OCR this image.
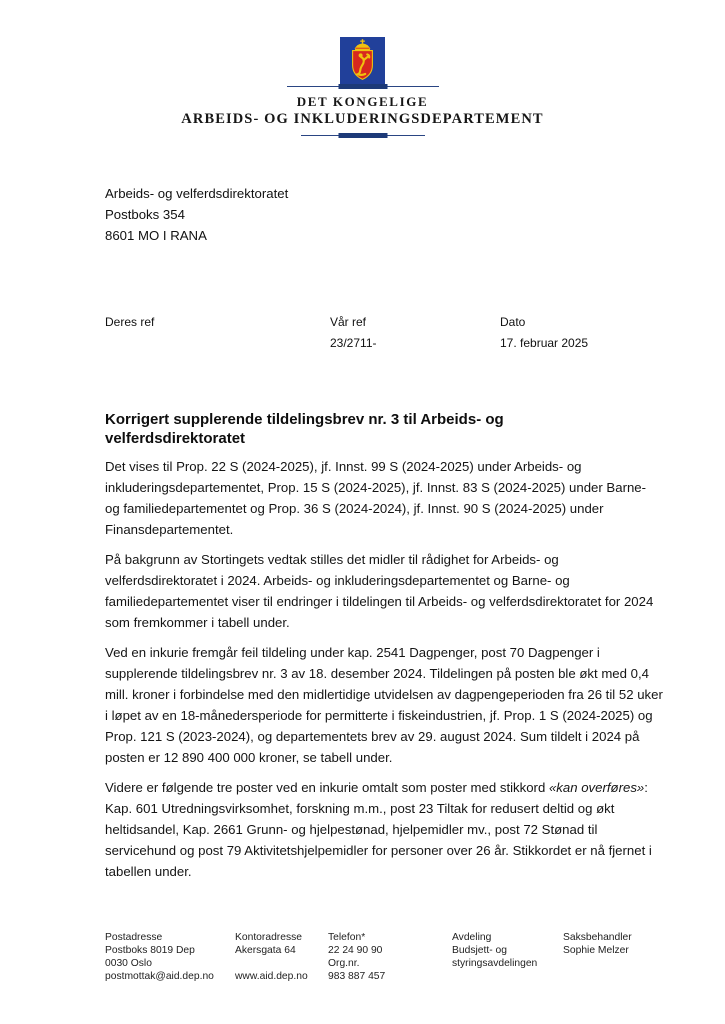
DET KONGELIGE
ARBEIDS- OG INKLUDERINGSDEPARTEMENT
Arbeids- og velferdsdirektoratet
Postboks 354
8601 MO I RANA
Deres ref	Vår ref
23/2711-
Dato
17. februar 2025
Korrigert supplerende tildelingsbrev nr. 3 til Arbeids- og velferdsdirektoratet

Det vises til Prop. 22 S (2024-2025), jf. Innst. 99 S (2024-2025) under Arbeids- og inkluderingsdepartementet, Prop. 15 S (2024-2025), jf. Innst. 83 S (2024-2025) under Barne- og familiedepartementet og Prop. 36 S (2024-2024), jf. Innst. 90 S (2024-2025) under Finansdepartementet.

På bakgrunn av Stortingets vedtak stilles det midler til rådighet for Arbeids- og velferdsdirektoratet i 2024. Arbeids- og inkluderingsdepartementet og Barne- og familiedepartementet viser til endringer i tildelingen til Arbeids- og velferdsdirektoratet for 2024 som fremkommer i tabell under.

Ved en inkurie fremgår feil tildeling under kap. 2541 Dagpenger, post 70 Dagpenger i supplerende tildelingsbrev nr. 3 av 18. desember 2024. Tildelingen på posten ble økt med 0,4 mill. kroner i forbindelse med den midlertidige utvidelsen av dagpengeperioden fra 26 til 52 uker i løpet av en 18-månedersperiode for permitterte i fiskeindustrien, jf. Prop. 1 S (2024-2025) og Prop. 121 S (2023-2024), og departementets brev av 29. august 2024. Sum tildelt i 2024 på posten er 12 890 400 000 kroner, se tabell under.

Videre er følgende tre poster ved en inkurie omtalt som poster med stikkord «kan overføres»: Kap. 601 Utredningsvirksomhet, forskning m.m., post 23 Tiltak for redusert deltid og økt heltidsandel, Kap. 2661 Grunn- og hjelpestønad, hjelpemidler mv., post 72 Stønad til servicehund og post 79 Aktivitetshjelpemidler for personer over 26 år. Stikkordet er nå fjernet i tabellen under.

Postadresse
Postboks 8019 Dep
0030 Oslo
postmottak@aid.dep.no
Kontoradresse
Akersgata 64
www.aid.dep.no
Telefon*
22 24 90 90
Org.nr.
983 887 457
Avdeling
Budsjett- og
styringsavdelingen
Saksbehandler
Sophie Melzer
